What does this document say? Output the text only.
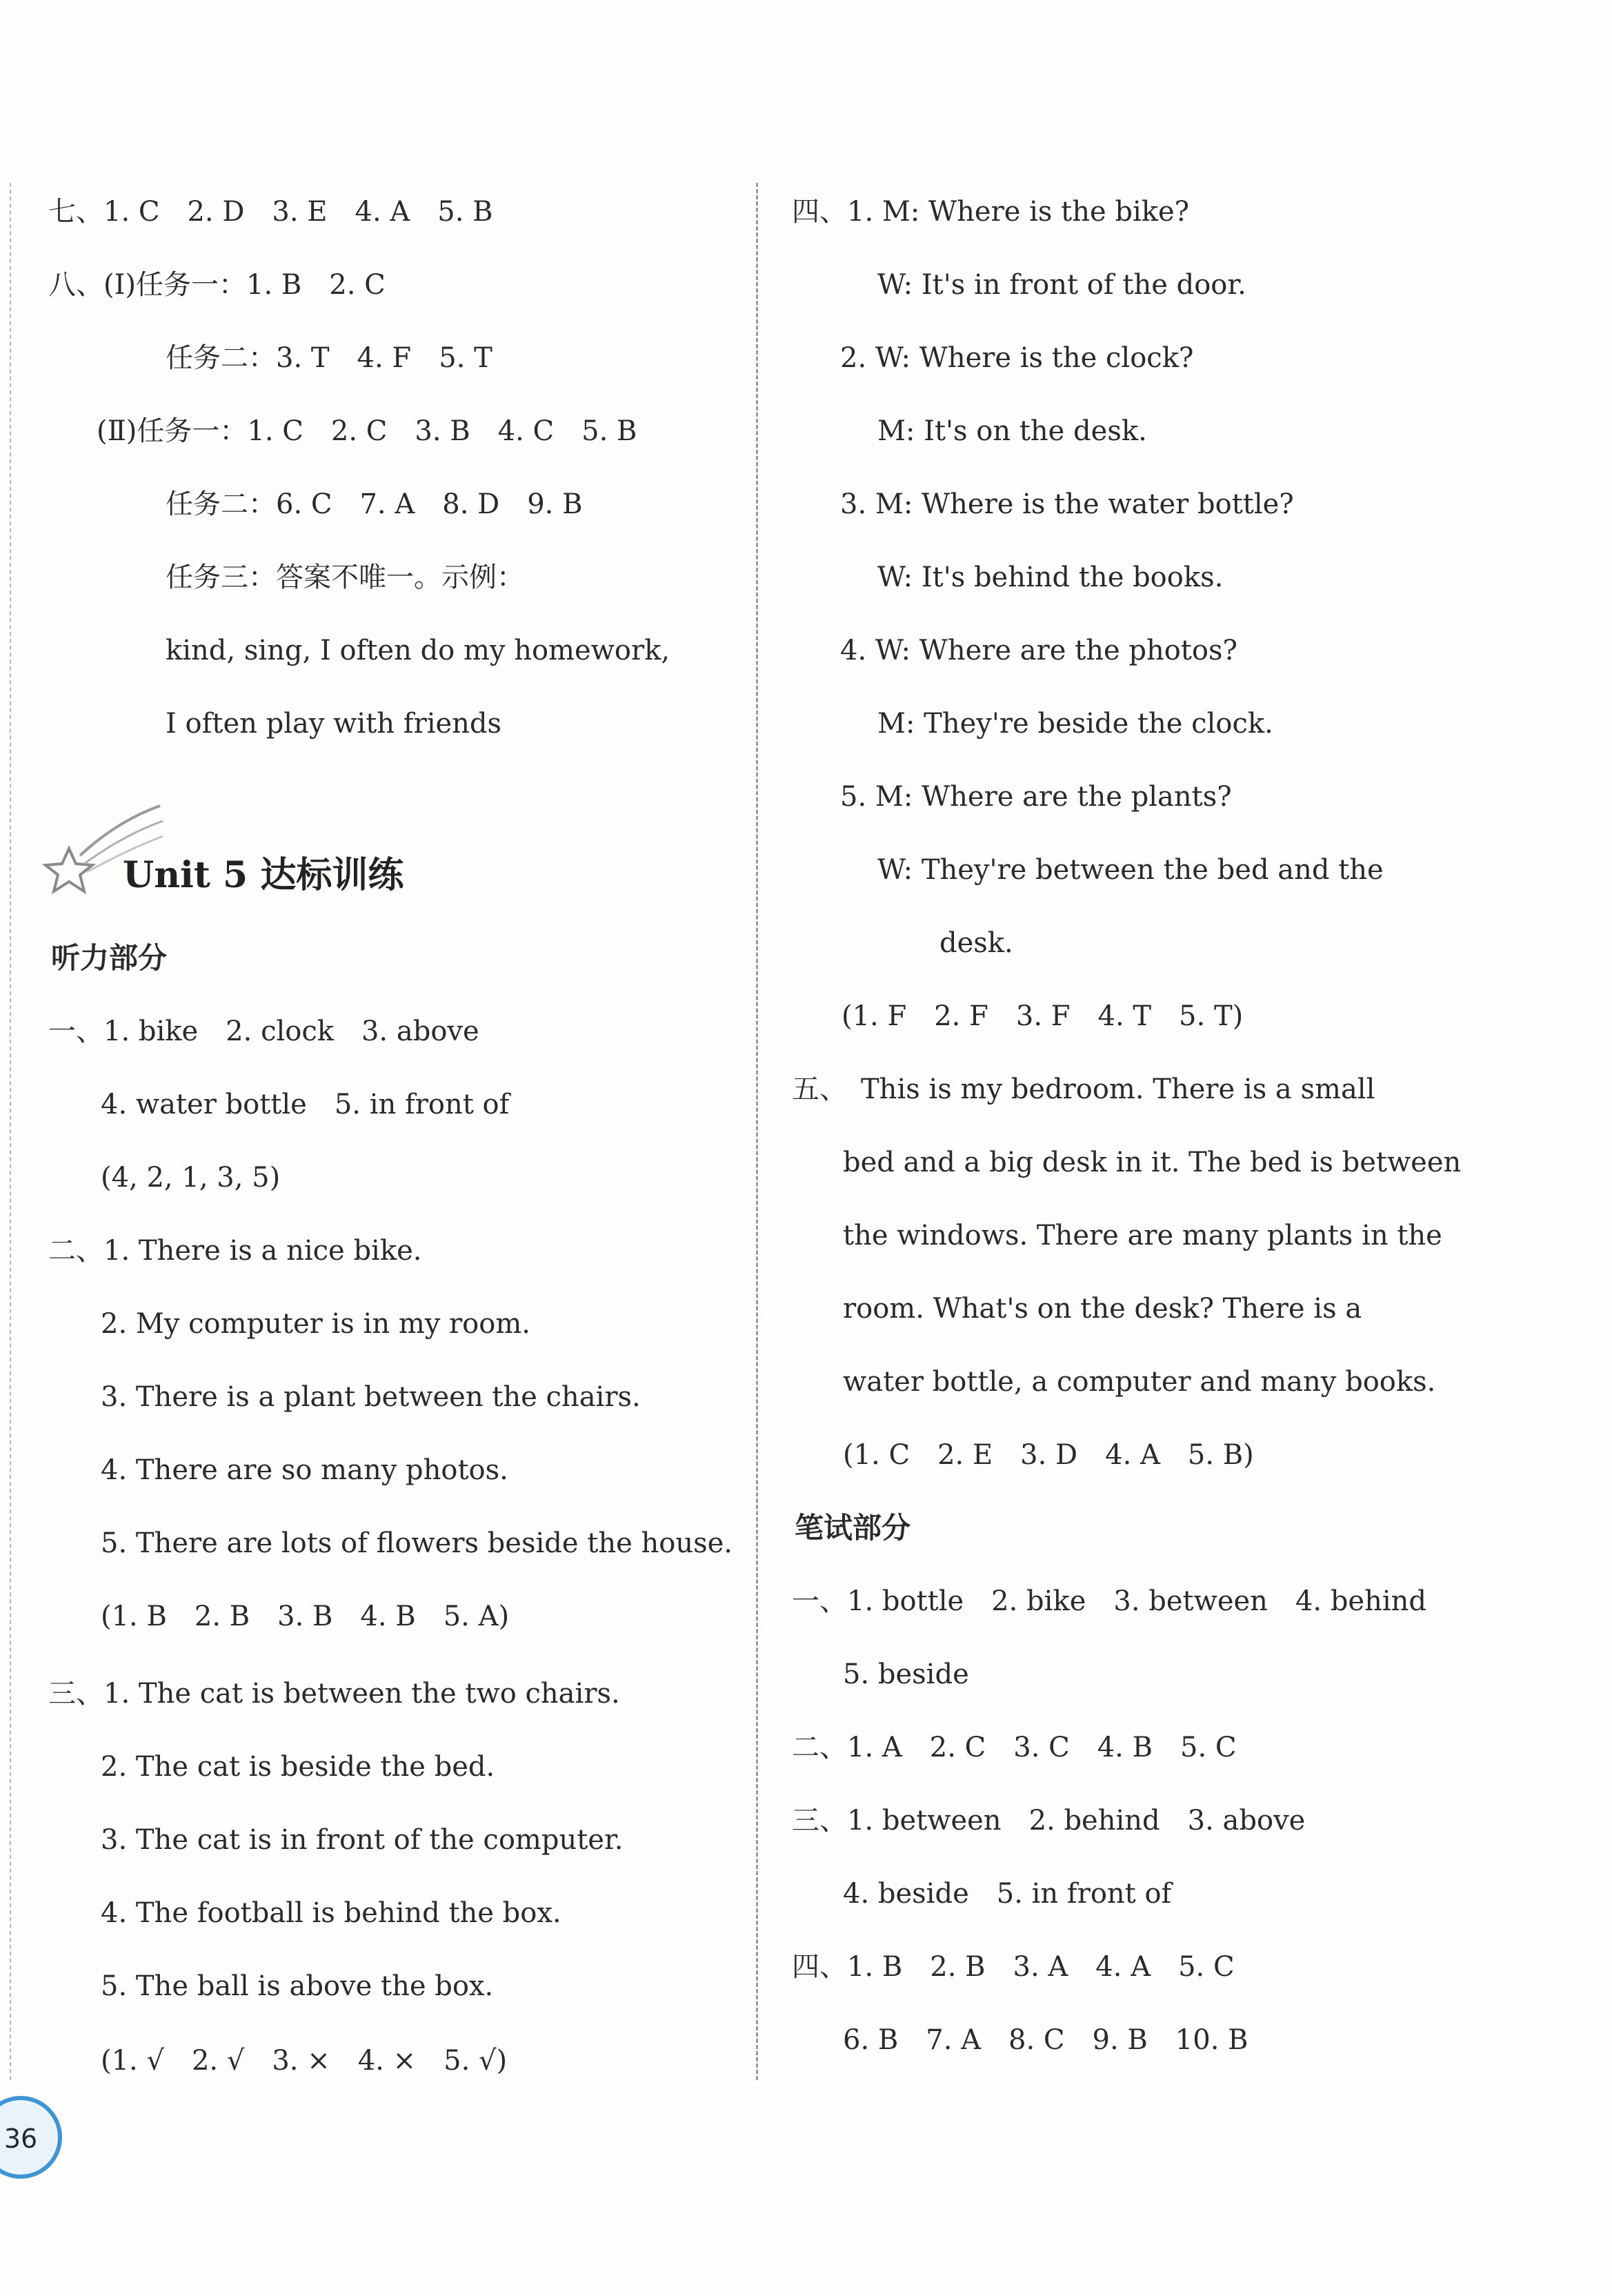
七、1. C　2. D　3. E　4. A　5. B
八、(Ⅰ)任务一：1. B　2. C
任务二：3. T　4. F　5. T
(Ⅱ)任务一：1. C　2. C　3. B　4. C　5. B
任务二：6. C　7. A　8. D　9. B
任务三：答案不唯一。示例：
kind, sing, I often do my homework,
I often play with friends
Unit 5 达标训练
听力部分
一、1. bike　2. clock　3. above
4. water bottle　5. in front of
(4, 2, 1, 3, 5)
二、1. There is a nice bike.
2. My computer is in my room.
3. There is a plant between the chairs.
4. There are so many photos.
5. There are lots of flowers beside the house.
(1. B　2. B　3. B　4. B　5. A)
三、1. The cat is between the two chairs.
2. The cat is beside the bed.
3. The cat is in front of the computer.
4. The football is behind the box.
5. The ball is above the box.
(1. √　2. √　3. ×　4. ×　5. √)
四、1. M: Where is the bike?
W: It's in front of the door.
2. W: Where is the clock?
M: It's on the desk.
3. M: Where is the water bottle?
W: It's behind the books.
4. W: Where are the photos?
M: They're beside the clock.
5. M: Where are the plants?
W: They're between the bed and the
desk.
(1. F　2. F　3. F　4. T　5. T)
五、　This is my bedroom. There is a small
bed and a big desk in it. The bed is between
the windows. There are many plants in the
room. What's on the desk? There is a
water bottle, a computer and many books.
(1. C　2. E　3. D　4. A　5. B)
笔试部分
一、1. bottle　2. bike　3. between　4. behind
5. beside
二、1. A　2. C　3. C　4. B　5. C
三、1. between　2. behind　3. above
4. beside　5. in front of
四、1. B　2. B　3. A　4. A　5. C
6. B　7. A　8. C　9. B　10. B
36
